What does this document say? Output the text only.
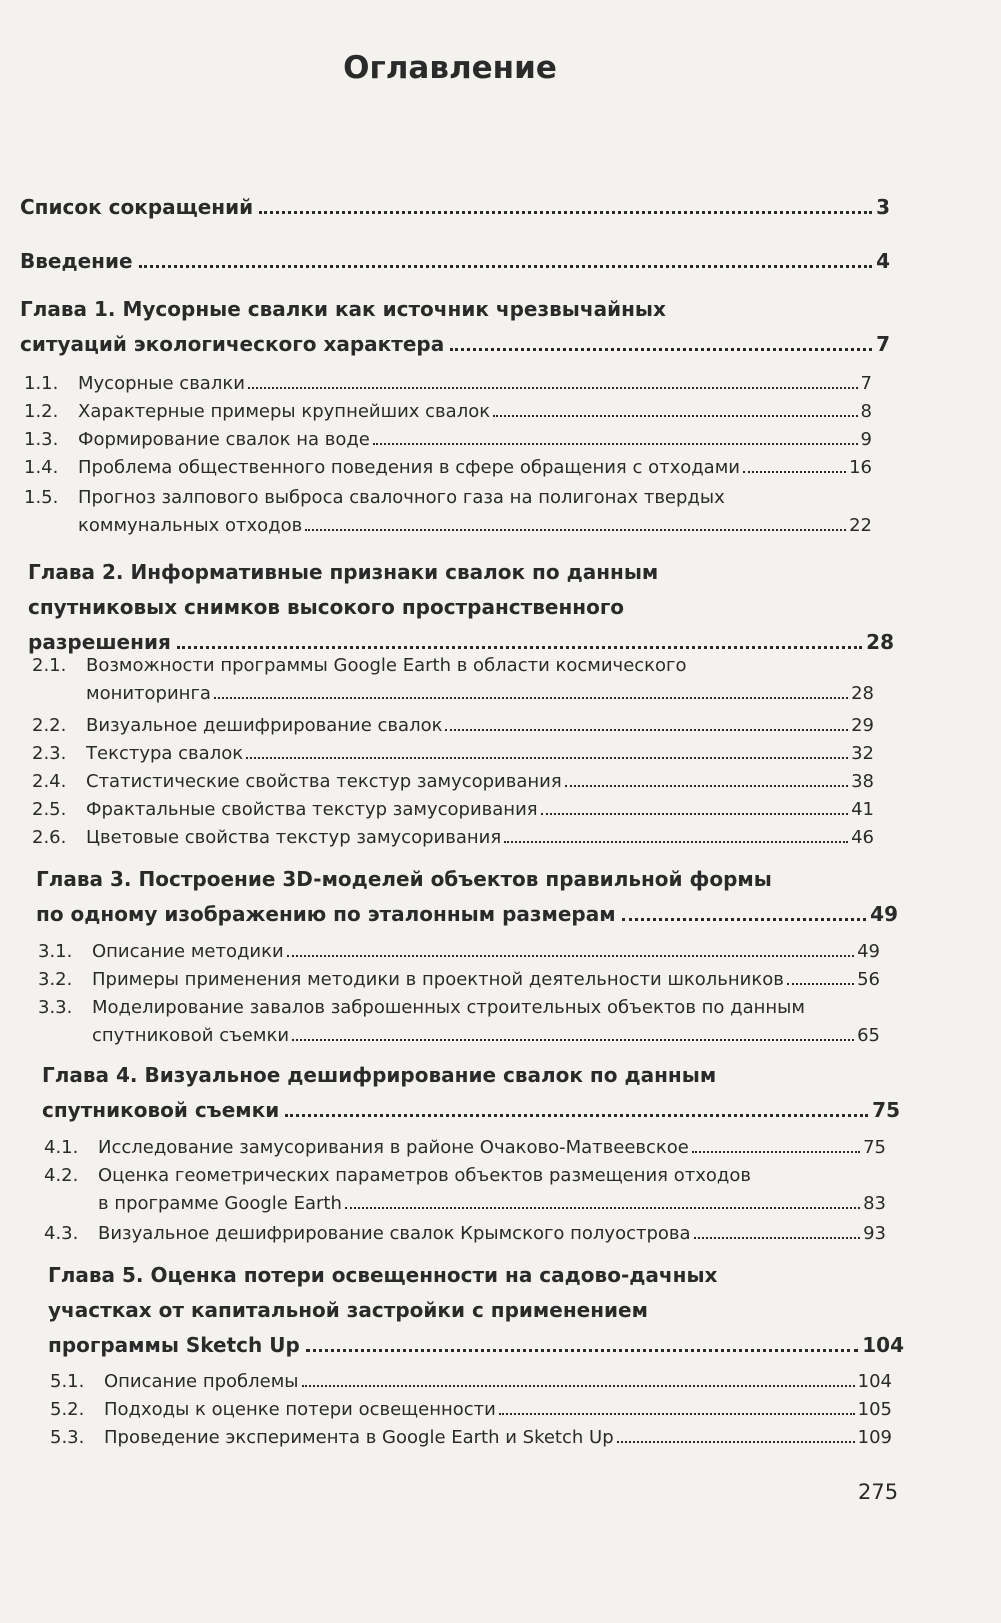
Оглавление
Список сокращений	3
Введение	4
Глава 1. Мусорные свалки как источник чрезвычайных
ситуаций экологического характера	7
1.1.	Мусорные свалки	7
1.2.	Характерные примеры крупнейших свалок	8
1.3.	Формирование свалок на воде	9
1.4.	Проблема общественного поведения в сфере обращения с отходами	16
1.5.	Прогноз залпового выброса свалочного газа на полигонах твердых
коммунальных отходов	22
Глава 2. Информативные признаки свалок по данным
спутниковых снимков высокого пространственного
разрешения	28
2.1.	Возможности программы Google Earth в области космического
мониторинга	28
2.2.	Визуальное дешифрирование свалок	29
2.3.	Текстура свалок	32
2.4.	Статистические свойства текстур замусоривания	38
2.5.	Фрактальные свойства текстур замусоривания	41
2.6.	Цветовые свойства текстур замусоривания	46
Глава 3. Построение 3D-моделей объектов правильной формы
по одному изображению по эталонным размерам	49
3.1.	Описание методики	49
3.2.	Примеры применения методики в проектной деятельности школьников	56
3.3.	Моделирование завалов заброшенных строительных объектов по данным
спутниковой съемки	65
Глава 4. Визуальное дешифрирование свалок по данным
спутниковой съемки	75
4.1.	Исследование замусоривания в районе Очаково-Матвеевское	75
4.2.	Оценка геометрических параметров объектов размещения отходов
в программе Google Earth	83
4.3.	Визуальное дешифрирование свалок Крымского полуострова	93
Глава 5. Оценка потери освещенности на садово-дачных
участках от капитальной застройки с применением
программы Sketch Up	104
5.1.	Описание проблемы	104
5.2.	Подходы к оценке потери освещенности	105
5.3.	Проведение эксперимента в Google Earth и Sketch Up	109
275
